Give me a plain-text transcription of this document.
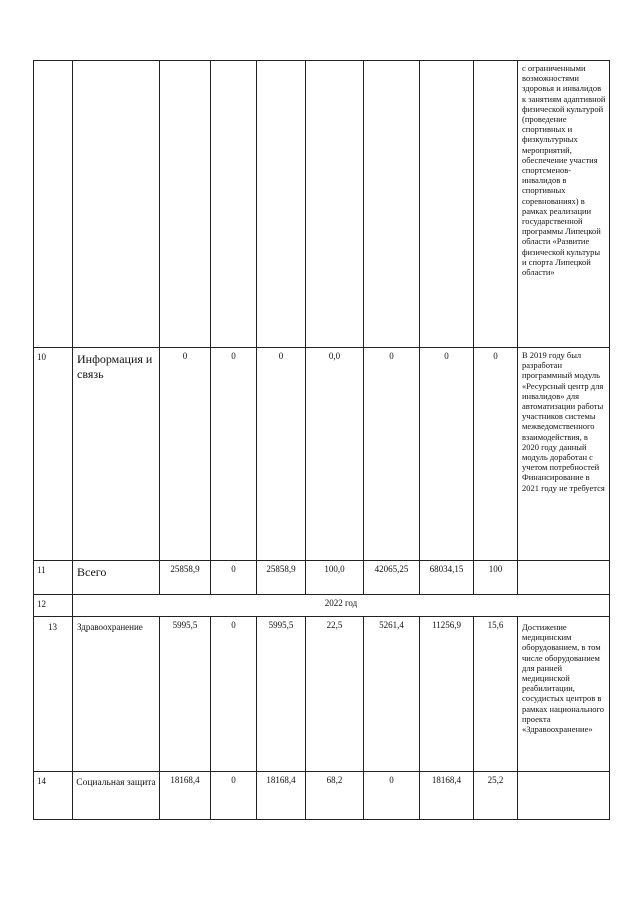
									с ограниченными возможностями здоровья и инвалидов к занятиям адаптивной физической культурой (проведение спортивных и физкультурных мероприятий, обеспечение участия спортсменов-инвалидов в спортивных соревнованиях) в рамках реализации государственной программы Липецкой области «Развитие физической культуры и спорта Липецкой области»
10	Информация и связь	0	0	0	0,0	0	0	0	В 2019 году был разработан программный модуль «Ресурсный центр для инвалидов» для автоматизации работы участников системы межведомственного взаимодействия, в 2020 году данный модуль доработан с учетом потребностей Финансирование в 2021 году не требуется
11	Всего	25858,9	0	25858,9	100,0	42065,25	68034,15	100	
12	2022 год								
13	Здравоохранение	5995,5	0	5995,5	22,5	5261,4	11256,9	15,6	Достижение медицинским оборудованием, в том числе оборудованием для ранней медицинской реабилитации, сосудистых центров в рамках национального проекта «Здравоохранение»
14	Социальная защита	18168,4	0	18168,4	68,2	0	18168,4	25,2	
